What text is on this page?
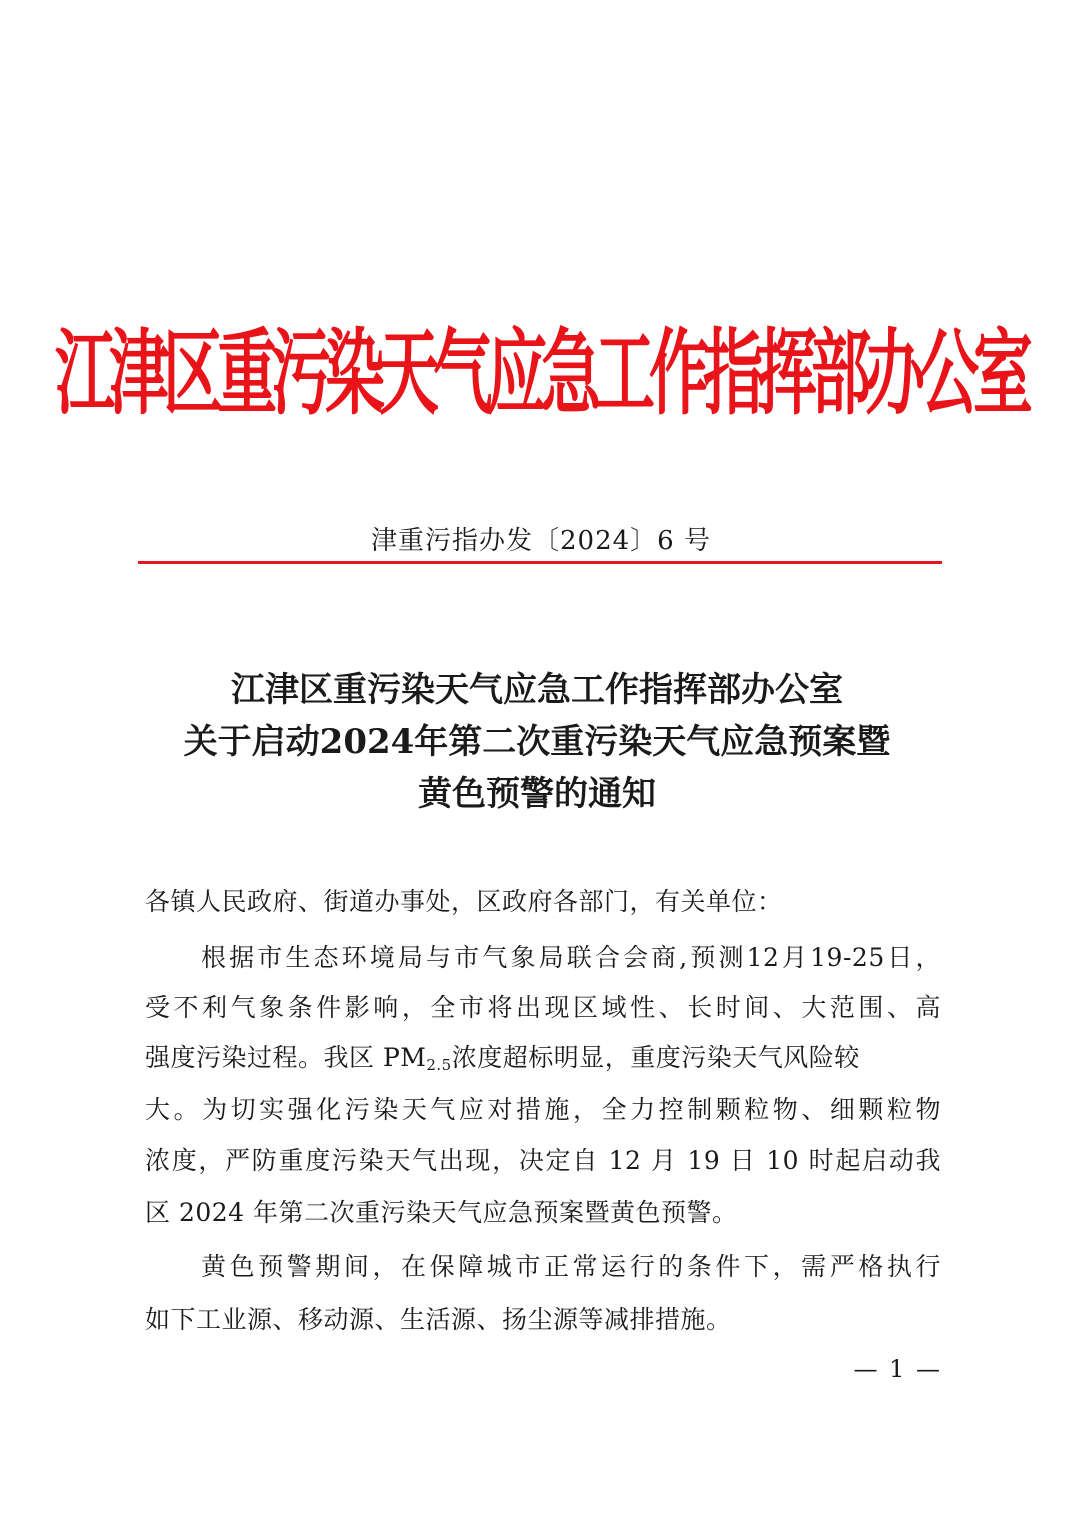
江津区重污染天气应急工作指挥部办公室
津重污指办发〔2024〕6 号
江津区重污染天气应急工作指挥部办公室
关于启动2024年第二次重污染天气应急预案暨
黄色预警的通知
各镇人民政府、街道办事处，区政府各部门，有关单位：
根据市生态环境局与市气象局联合会商,预测12月19-25日，
受不利气象条件影响，全市将出现区域性、长时间、大范围、高
强度污染过程。我区 $PM_{2.5}$浓度超标明显，重度污染天气风险较
大。为切实强化污染天气应对措施，全力控制颗粒物、细颗粒物
浓度，严防重度污染天气出现，决定自 12 月 19 日 10 时起启动我
区 2024 年第二次重污染天气应急预案暨黄色预警。
黄色预警期间，在保障城市正常运行的条件下，需严格执行
如下工业源、移动源、生活源、扬尘源等减排措施。
— 1 —
